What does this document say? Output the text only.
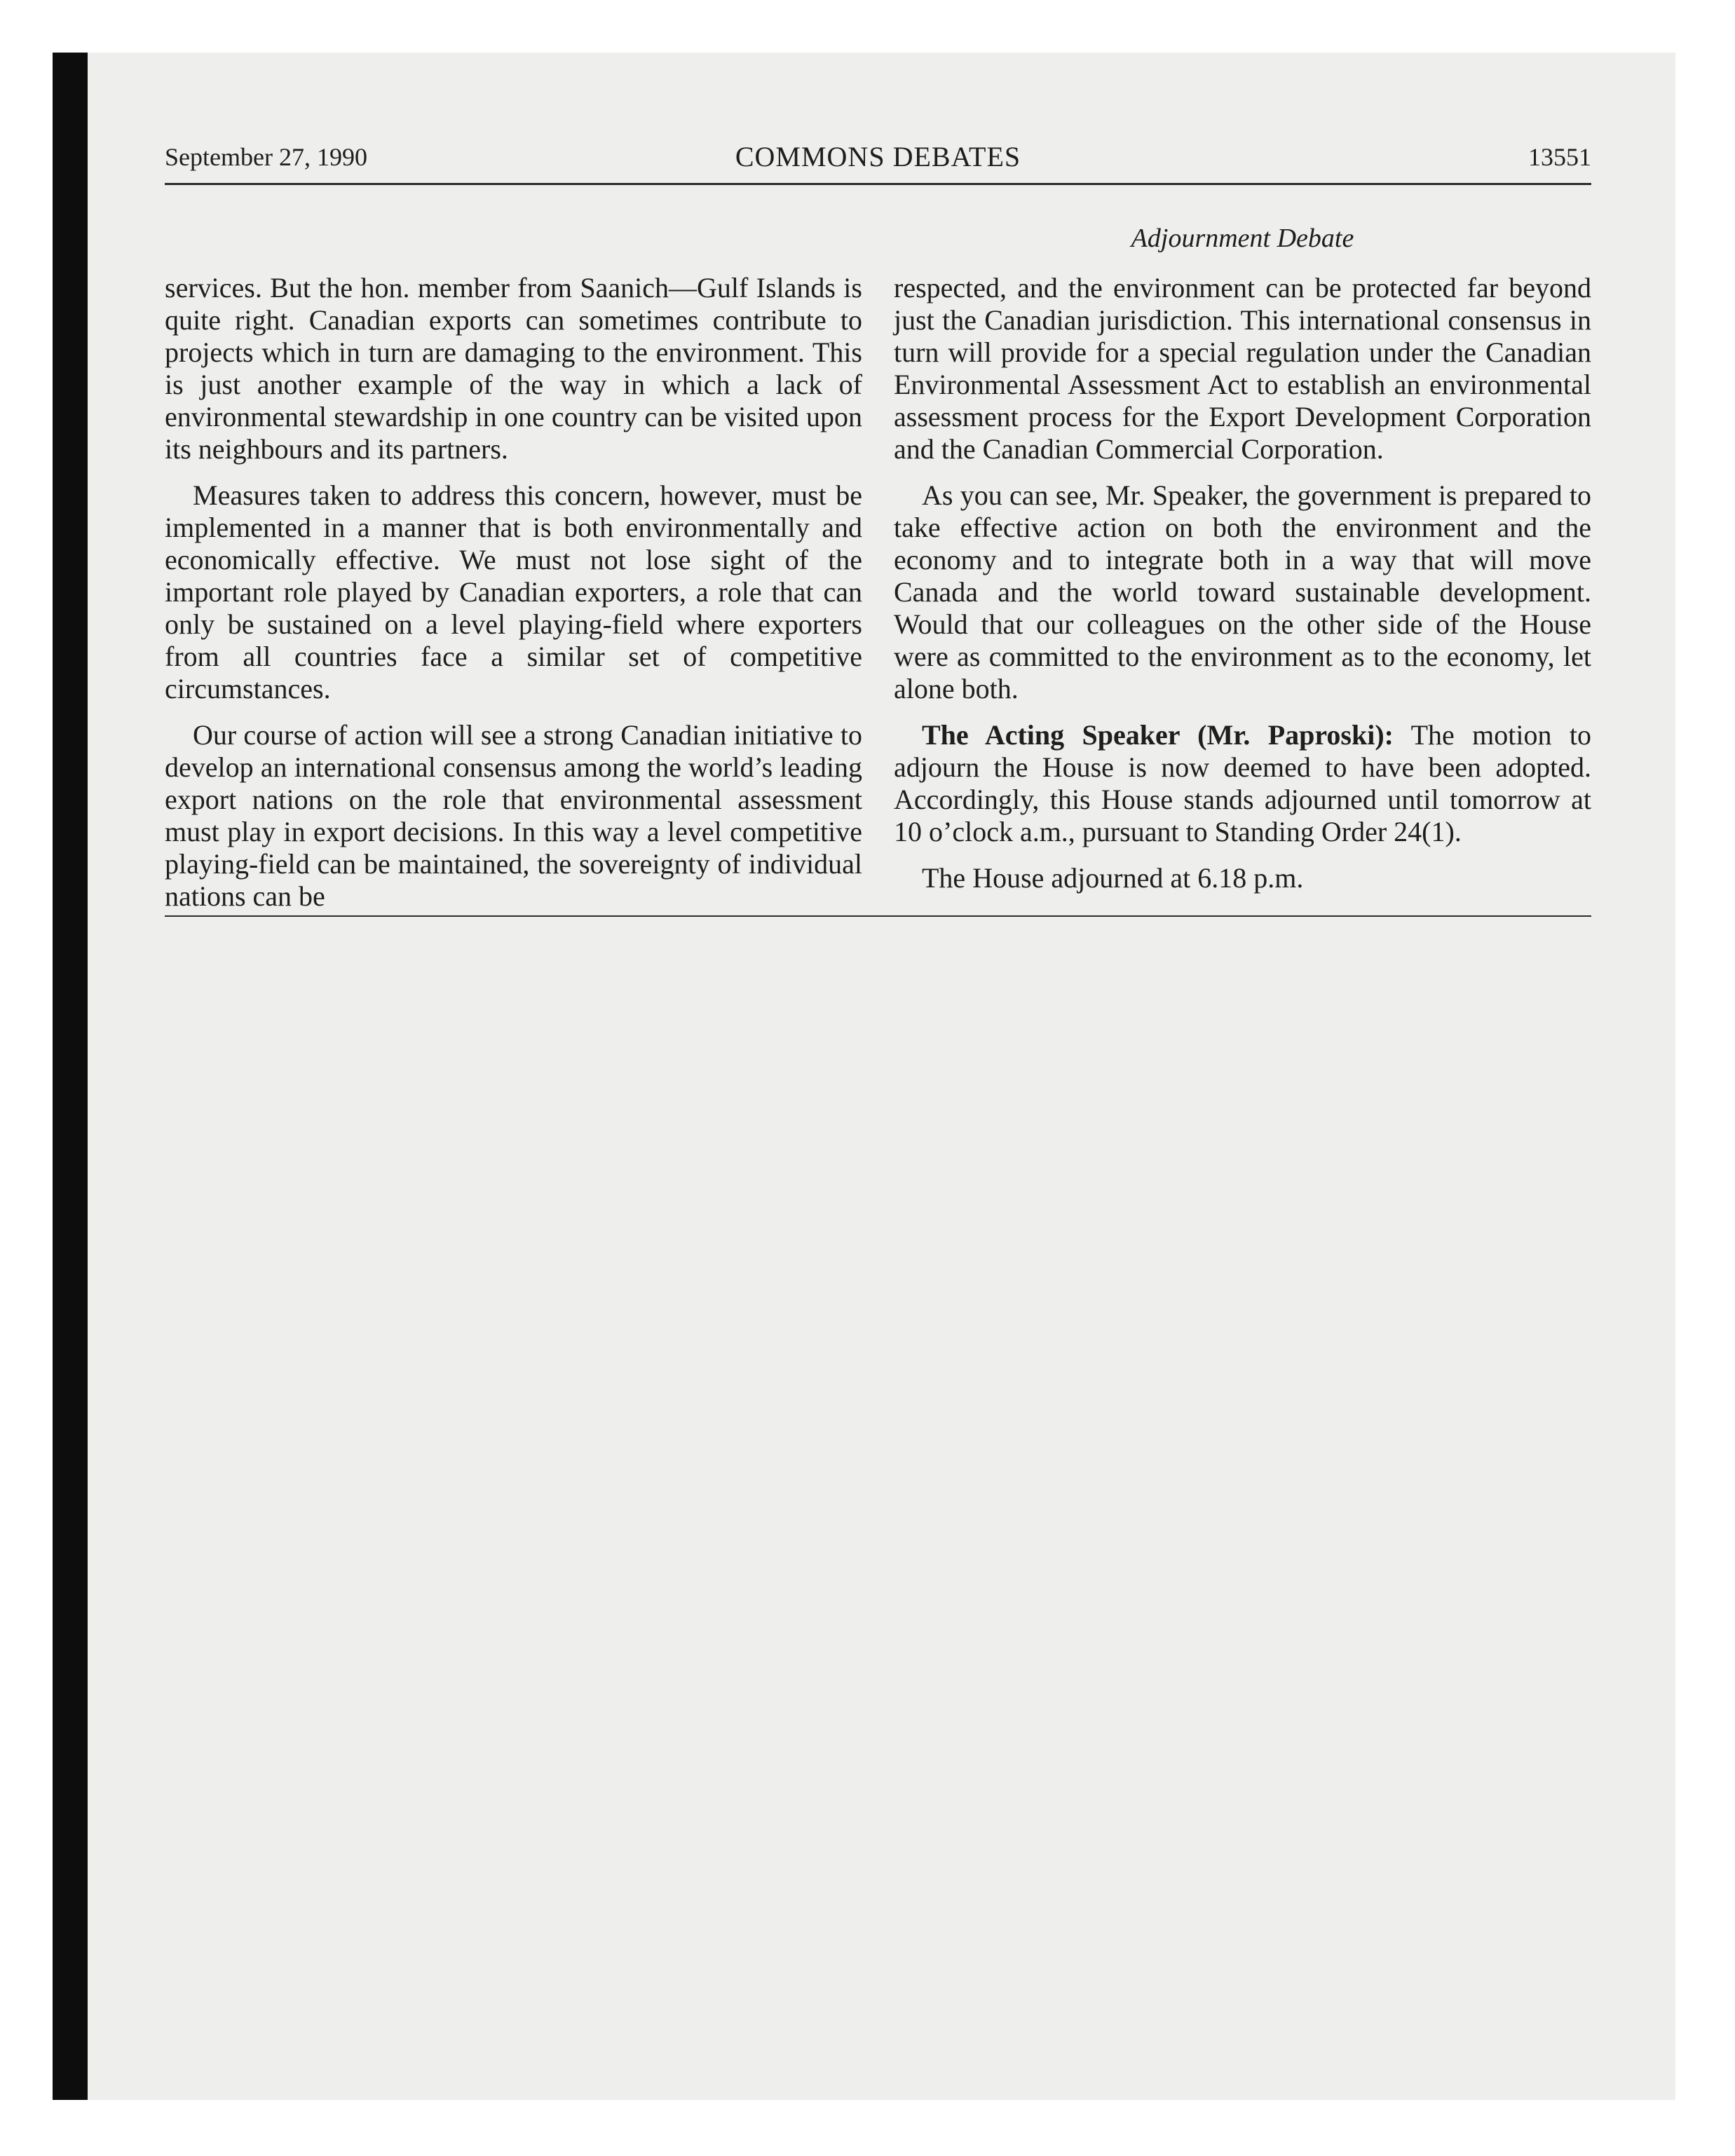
September 27, 1990	COMMONS DEBATES	13551
Adjournment Debate

services. But the hon. member from Saanich—Gulf Islands is quite right. Canadian exports can sometimes contribute to projects which in turn are damaging to the environment. This is just another example of the way in which a lack of environmental stewardship in one country can be visited upon its neighbours and its partners.

Measures taken to address this concern, however, must be implemented in a manner that is both environmentally and economically effective. We must not lose sight of the important role played by Canadian exporters, a role that can only be sustained on a level playing-field where exporters from all countries face a similar set of competitive circumstances.

Our course of action will see a strong Canadian initiative to develop an international consensus among the world’s leading export nations on the role that environmental assessment must play in export decisions. In this way a level competitive playing-field can be maintained, the sovereignty of individual nations can be

respected, and the environment can be protected far beyond just the Canadian jurisdiction. This international consensus in turn will provide for a special regulation under the Canadian Environmental Assessment Act to establish an environmental assessment process for the Export Development Corporation and the Canadian Commercial Corporation.

As you can see, Mr. Speaker, the government is prepared to take effective action on both the environment and the economy and to integrate both in a way that will move Canada and the world toward sustainable development. Would that our colleagues on the other side of the House were as committed to the environment as to the economy, let alone both.

The Acting Speaker (Mr. Paproski): The motion to adjourn the House is now deemed to have been adopted. Accordingly, this House stands adjourned until tomorrow at 10 o’clock a.m., pursuant to Standing Order 24(1).

The House adjourned at 6.18 p.m.
